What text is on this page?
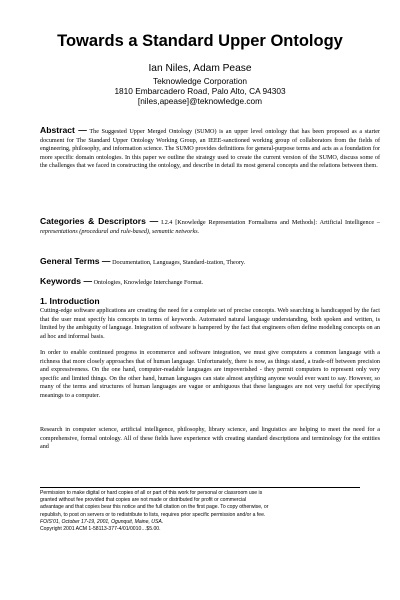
Towards a Standard Upper Ontology
Ian Niles, Adam Pease
Teknowledge Corporation
1810 Embarcadero Road, Palo Alto, CA 94303
[niles,apease]@teknowledge.com
Abstract — The Suggested Upper Merged Ontology (SUMO) is an upper level ontology that has been proposed as a starter document for The Standard Upper Ontology Working Group, an IEEE-sanctioned working group of collaborators from the fields of engineering, philosophy, and information science. The SUMO provides definitions for general-purpose terms and acts as a foundation for more specific domain ontologies. In this paper we outline the strategy used to create the current version of the SUMO, discuss some of the challenges that we faced in constructing the ontology, and describe in detail its most general concepts and the relations between them.
Categories & Descriptors — I.2.4 [Knowledge Representation Formalisms and Methods]: Artificial Intelligence – representations (procedural and rule-based), semantic networks.
General Terms — Documentation, Languages, Standard-ization, Theory.
Keywords — Ontologies, Knowledge Interchange Format.
1. Introduction
Cutting-edge software applications are creating the need for a complete set of precise concepts. Web searching is handicapped by the fact that the user must specify his concepts in terms of keywords. Automated natural language understanding, both spoken and written, is limited by the ambiguity of language. Integration of software is hampered by the fact that engineers often define modeling concepts on an ad hoc and informal basis.
In order to enable continued progress in ecommerce and software integration, we must give computers a common language with a richness that more closely approaches that of human language. Unfortunately, there is now, as things stand, a trade-off between precision and expressiveness. On the one hand, computer-readable languages are impoverished - they permit computers to represent only very specific and limited things. On the other hand, human languages can state almost anything anyone would ever want to say. However, so many of the terms and structures of human languages are vague or ambiguous that these languages are not very useful for specifying meanings to a computer.
Research in computer science, artificial intelligence, philosophy, library science, and linguistics are helping to meet the need for a comprehensive, formal ontology. All of these fields have experience with creating standard descriptions and terminology for the entities and
Permission to make digital or hard copies of all or part of this work for personal or classroom use is
granted without fee provided that copies are not made or distributed for profit or commercial
advantage and that copies bear this notice and the full citation on the first page. To copy otherwise, or
republish, to post on servers or to redistribute to lists, requires prior specific permission and/or a fee.
FOIS’01, October 17-19, 2001, Ogunquit, Maine, USA.
Copyright 2001 ACM 1-58113-377-4/01/0010…$5.00.
